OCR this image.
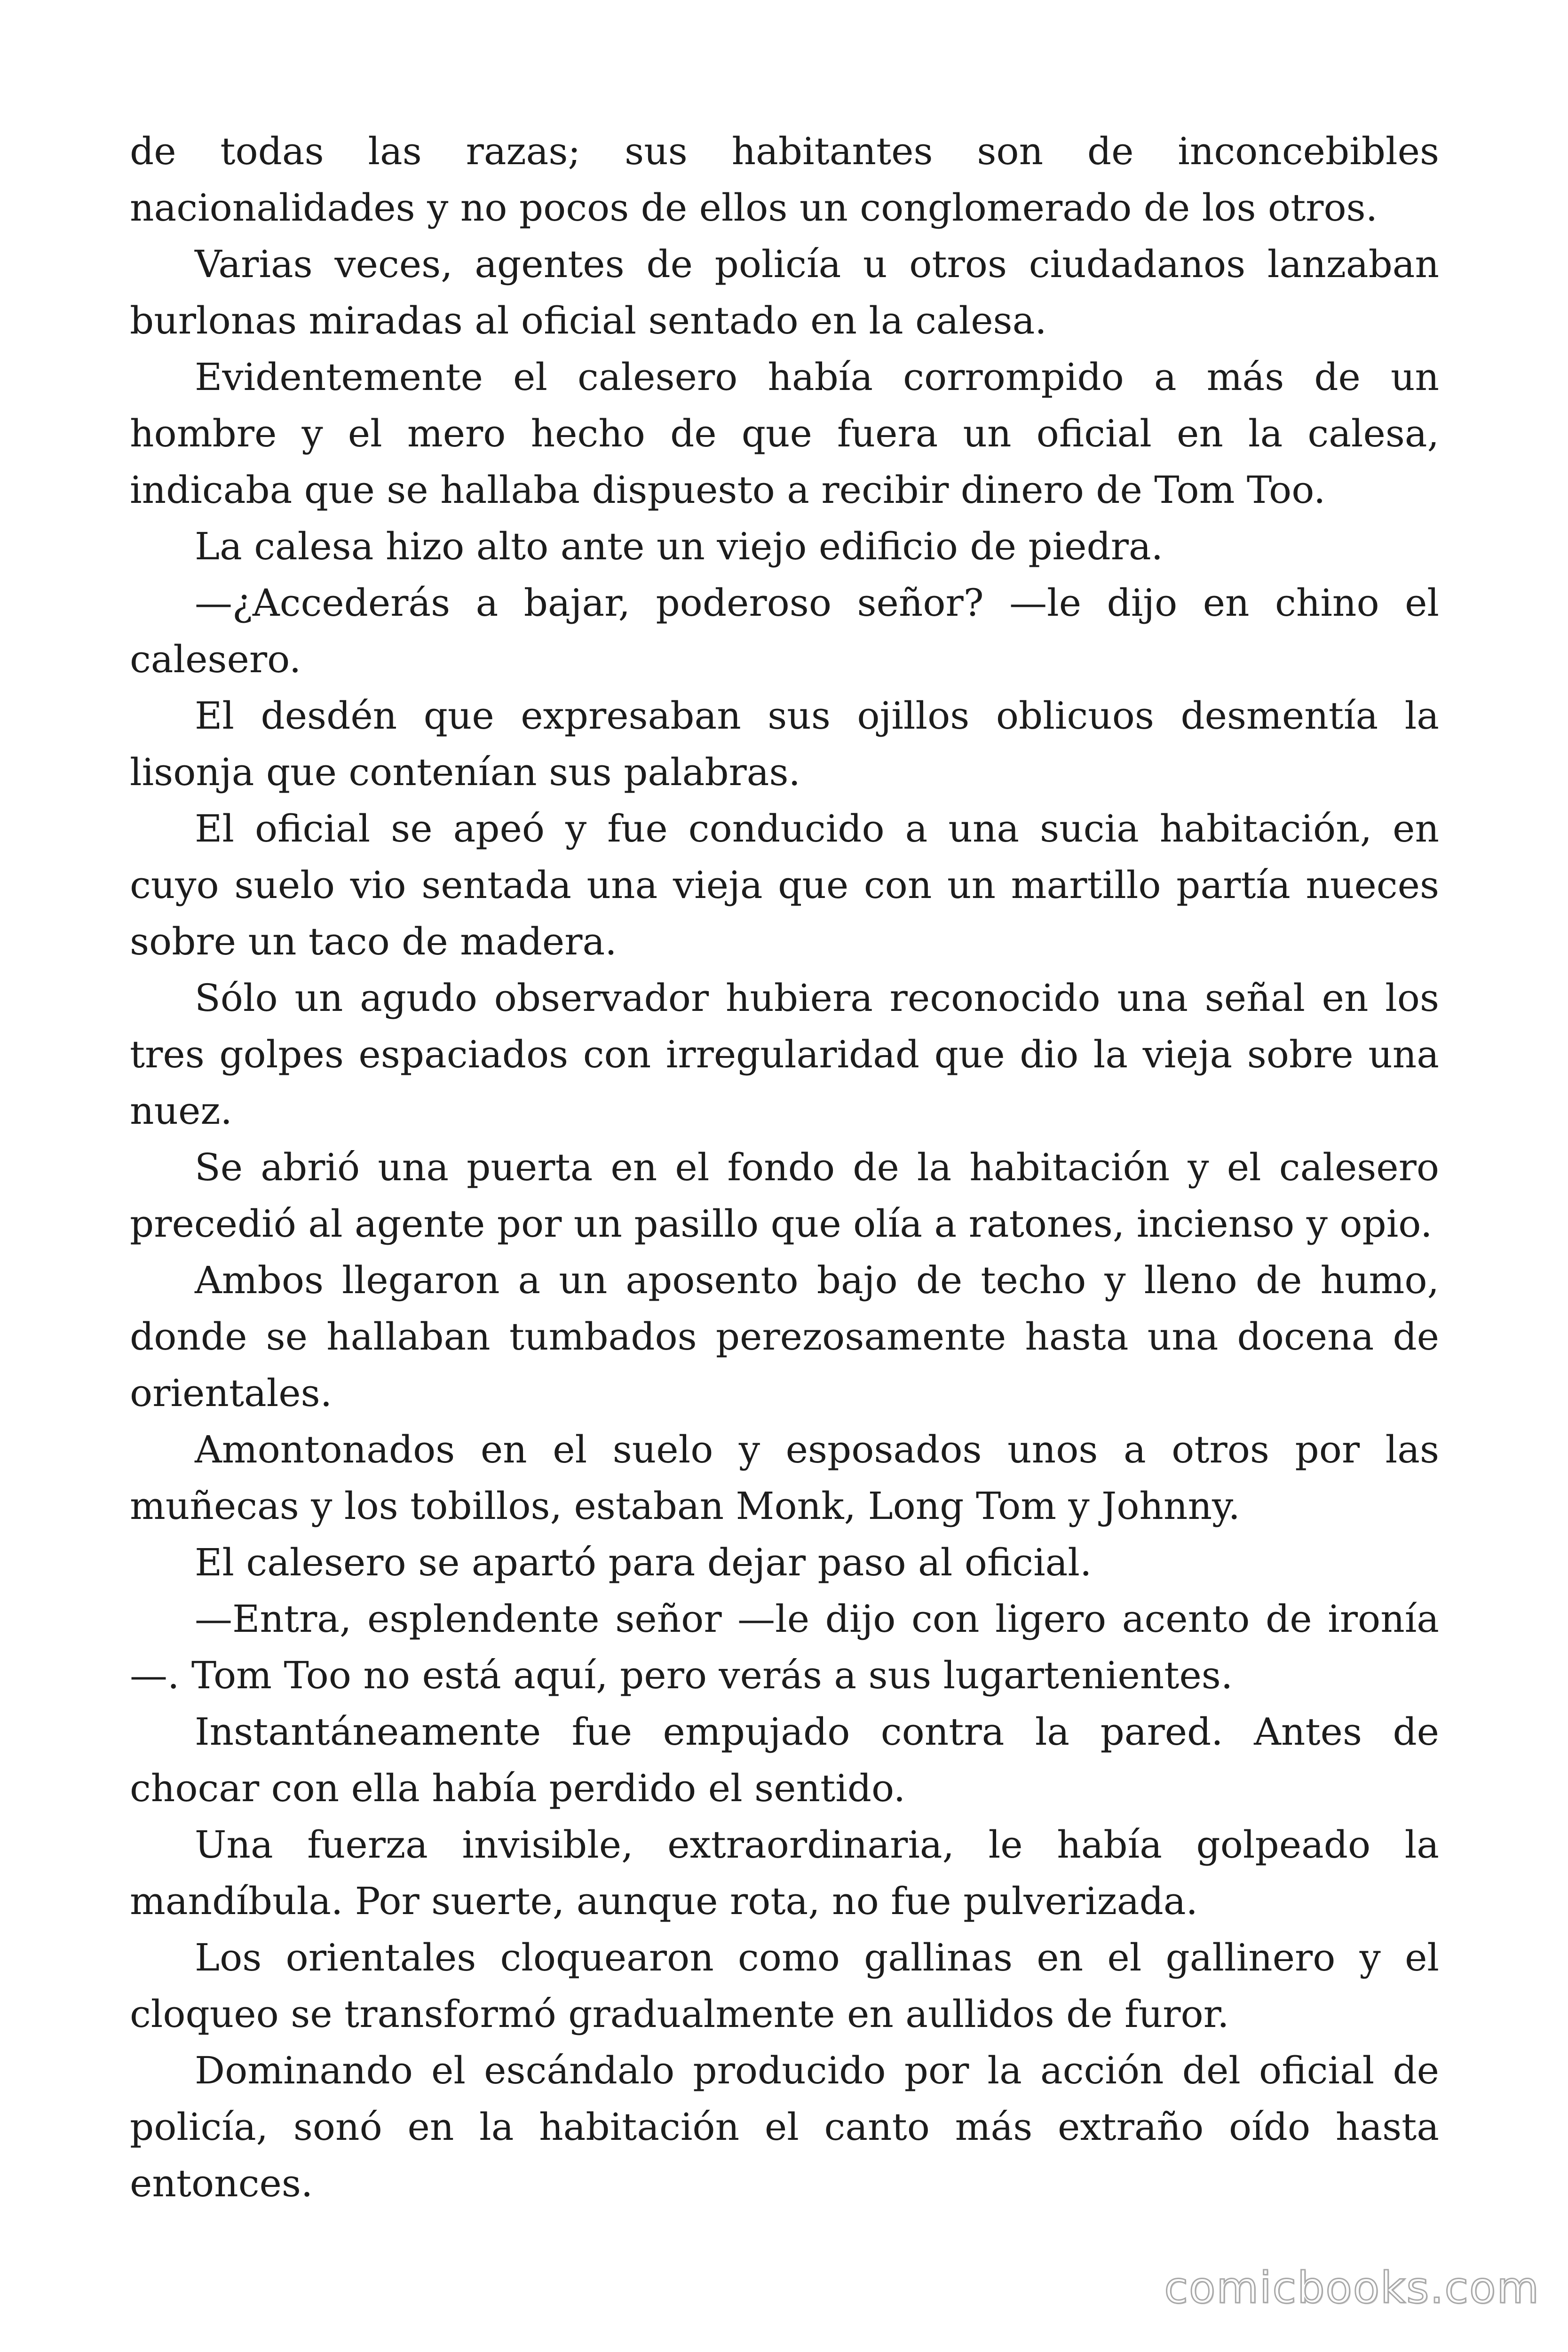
de todas las razas; sus habitantes son de inconcebibles nacionalidades y no pocos de ellos un conglomerado de los otros.

Varias veces, agentes de policía u otros ciudadanos lanzaban burlonas miradas al oficial sentado en la calesa.

Evidentemente el calesero había corrompido a más de un hombre y el mero hecho de que fuera un oficial en la calesa, indicaba que se hallaba dispuesto a recibir dinero de Tom Too.

La calesa hizo alto ante un viejo edificio de piedra.

—¿Accederás a bajar, poderoso señor? —le dijo en chino el calesero.

El desdén que expresaban sus ojillos oblicuos desmentía la lisonja que contenían sus palabras.

El oficial se apeó y fue conducido a una sucia habitación, en cuyo suelo vio sentada una vieja que con un martillo partía nueces sobre un taco de madera.

Sólo un agudo observador hubiera reconocido una señal en los tres golpes espaciados con irregularidad que dio la vieja sobre una nuez.

Se abrió una puerta en el fondo de la habitación y el calesero precedió al agente por un pasillo que olía a ratones, incienso y opio.

Ambos llegaron a un aposento bajo de techo y lleno de humo, donde se hallaban tumbados perezosamente hasta una docena de orientales.

Amontonados en el suelo y esposados unos a otros por las muñecas y los tobillos, estaban Monk, Long Tom y Johnny.

El calesero se apartó para dejar paso al oficial.

—Entra, esplendente señor —le dijo con ligero acento de ironía —. Tom Too no está aquí, pero verás a sus lugartenientes.

Instantáneamente fue empujado contra la pared. Antes de chocar con ella había perdido el sentido.

Una fuerza invisible, extraordinaria, le había golpeado la mandíbula. Por suerte, aunque rota, no fue pulverizada.

Los orientales cloquearon como gallinas en el gallinero y el cloqueo se transformó gradualmente en aullidos de furor.

Dominando el escándalo producido por la acción del oficial de policía, sonó en la habitación el canto más extraño oído hasta entonces.

comicbooks.com
